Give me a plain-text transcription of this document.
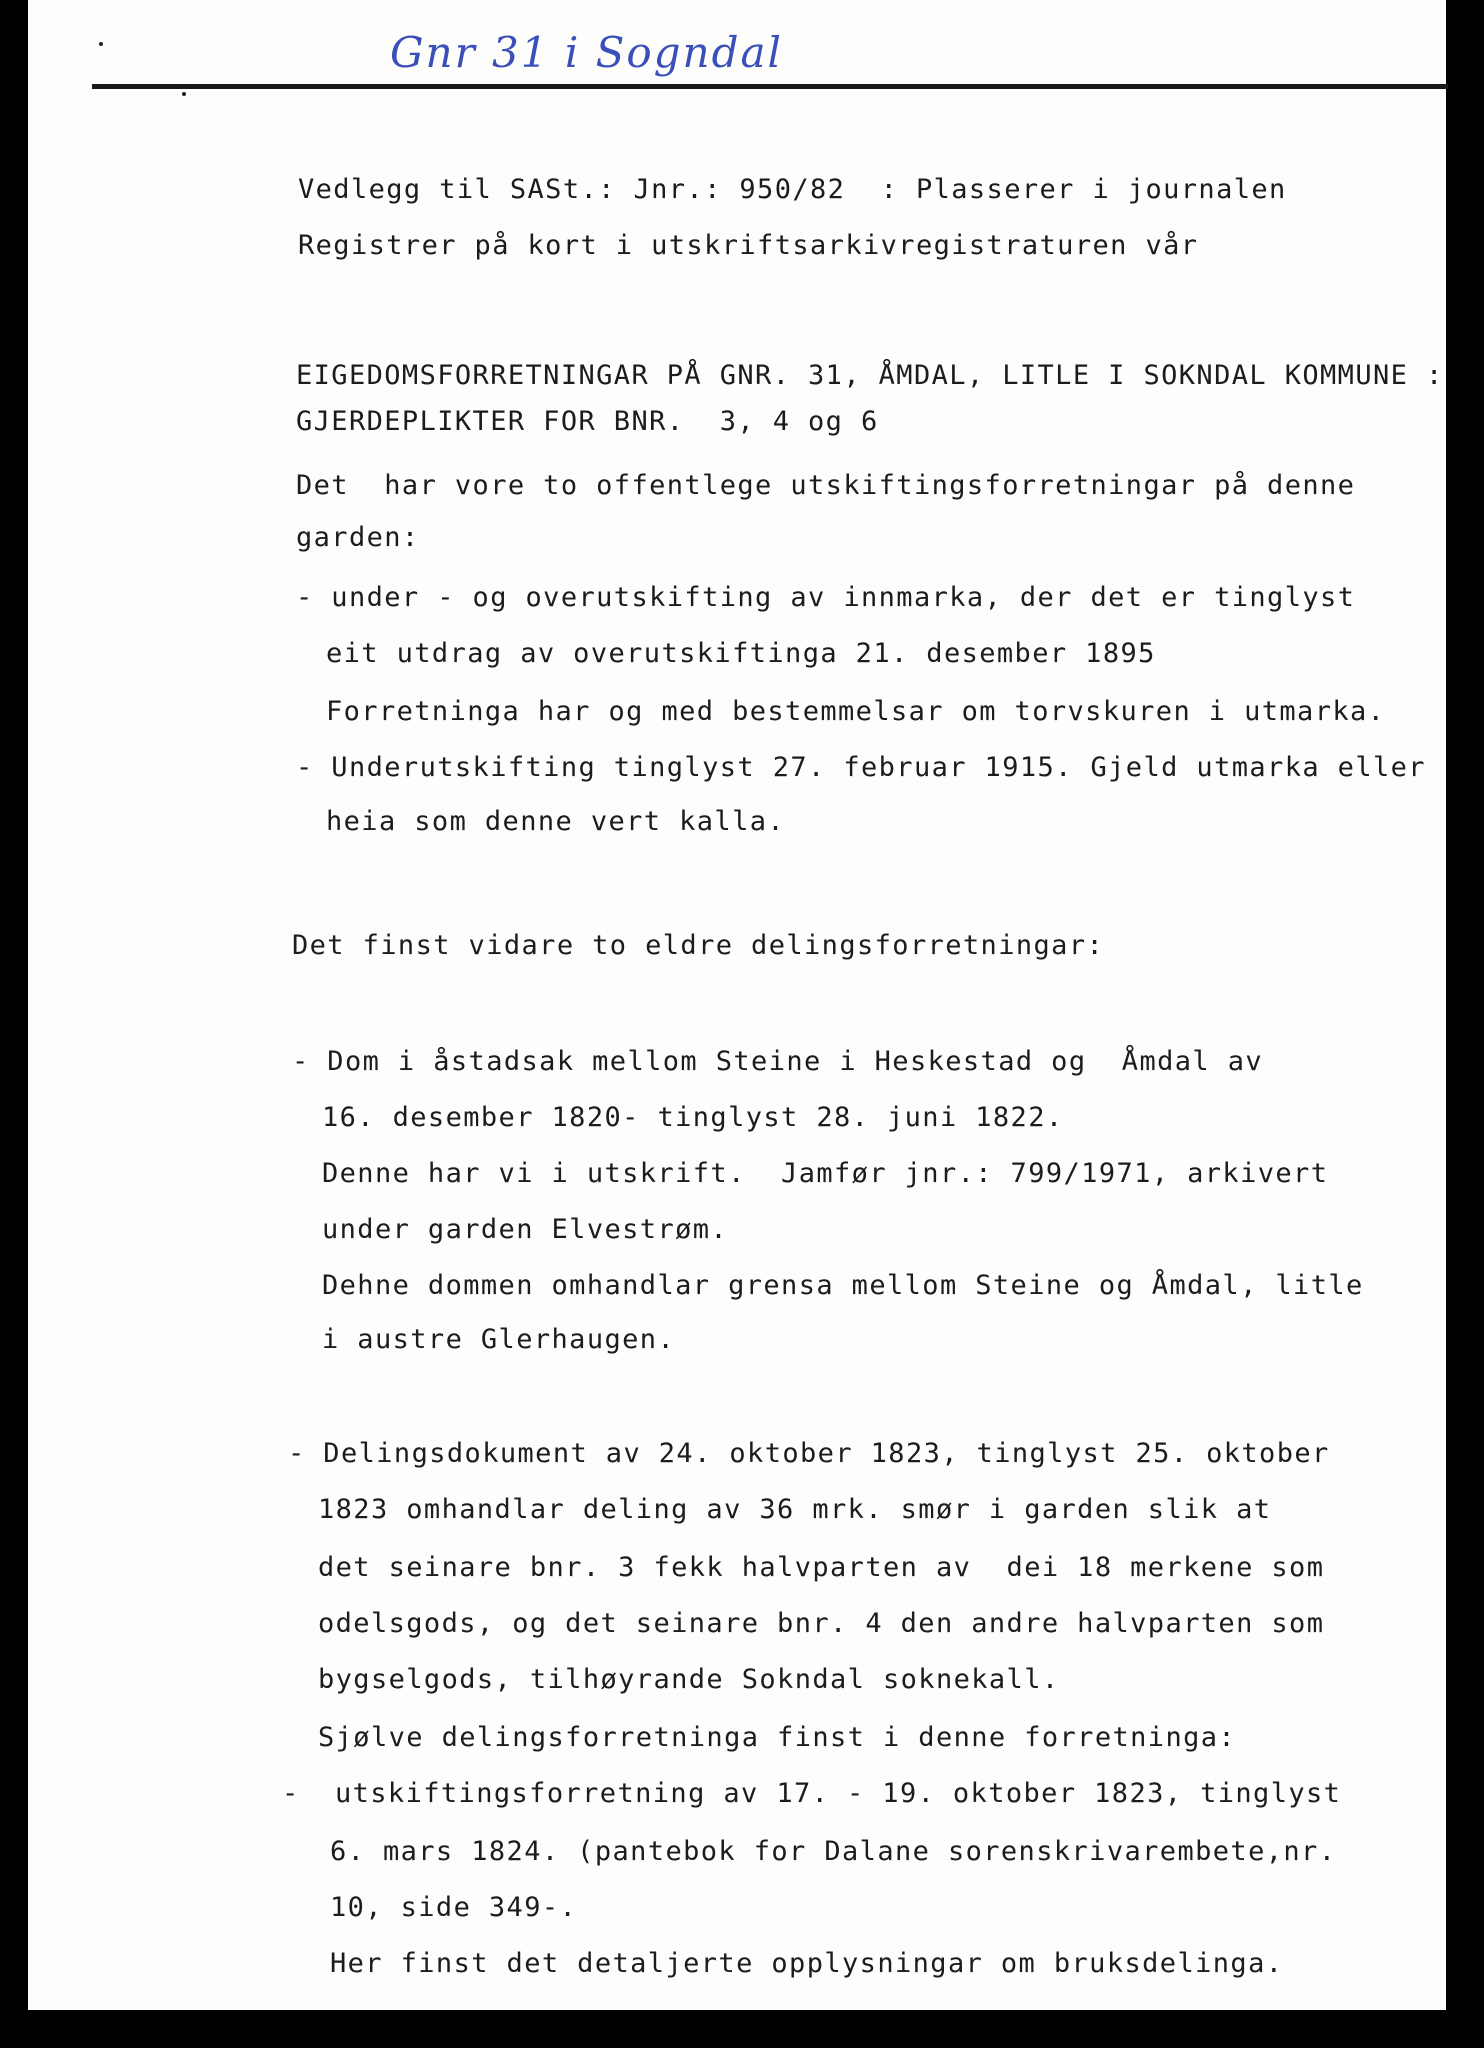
Gnr 31 i Sogndal
Vedlegg til SASt.: Jnr.: 950/82  : Plasserer i journalen
Registrer på kort i utskriftsarkivregistraturen vår
EIGEDOMSFORRETNINGAR PÅ GNR. 31, ÅMDAL, LITLE I SOKNDAL KOMMUNE :
GJERDEPLIKTER FOR BNR.  3, 4 og 6
Det  har vore to offentlege utskiftingsforretningar på denne
garden:
- under - og overutskifting av innmarka, der det er tinglyst
eit utdrag av overutskiftinga 21. desember 1895
Forretninga har og med bestemmelsar om torvskuren i utmarka.
- Underutskifting tinglyst 27. februar 1915. Gjeld utmarka eller
heia som denne vert kalla.
Det finst vidare to eldre delingsforretningar:
- Dom i åstadsak mellom Steine i Heskestad og  Åmdal av
16. desember 1820- tinglyst 28. juni 1822.
Denne har vi i utskrift.  Jamfør jnr.: 799/1971, arkivert
under garden Elvestrøm.
Dehne dommen omhandlar grensa mellom Steine og Åmdal, litle
i austre Glerhaugen.
- Delingsdokument av 24. oktober 1823, tinglyst 25. oktober
1823 omhandlar deling av 36 mrk. smør i garden slik at
det seinare bnr. 3 fekk halvparten av  dei 18 merkene som
odelsgods, og det seinare bnr. 4 den andre halvparten som
bygselgods, tilhøyrande Sokndal soknekall.
Sjølve delingsforretninga finst i denne forretninga:
-  utskiftingsforretning av 17. - 19. oktober 1823, tinglyst
6. mars 1824. (pantebok for Dalane sorenskrivarembete,nr.
10, side 349-.
Her finst det detaljerte opplysningar om bruksdelinga.
